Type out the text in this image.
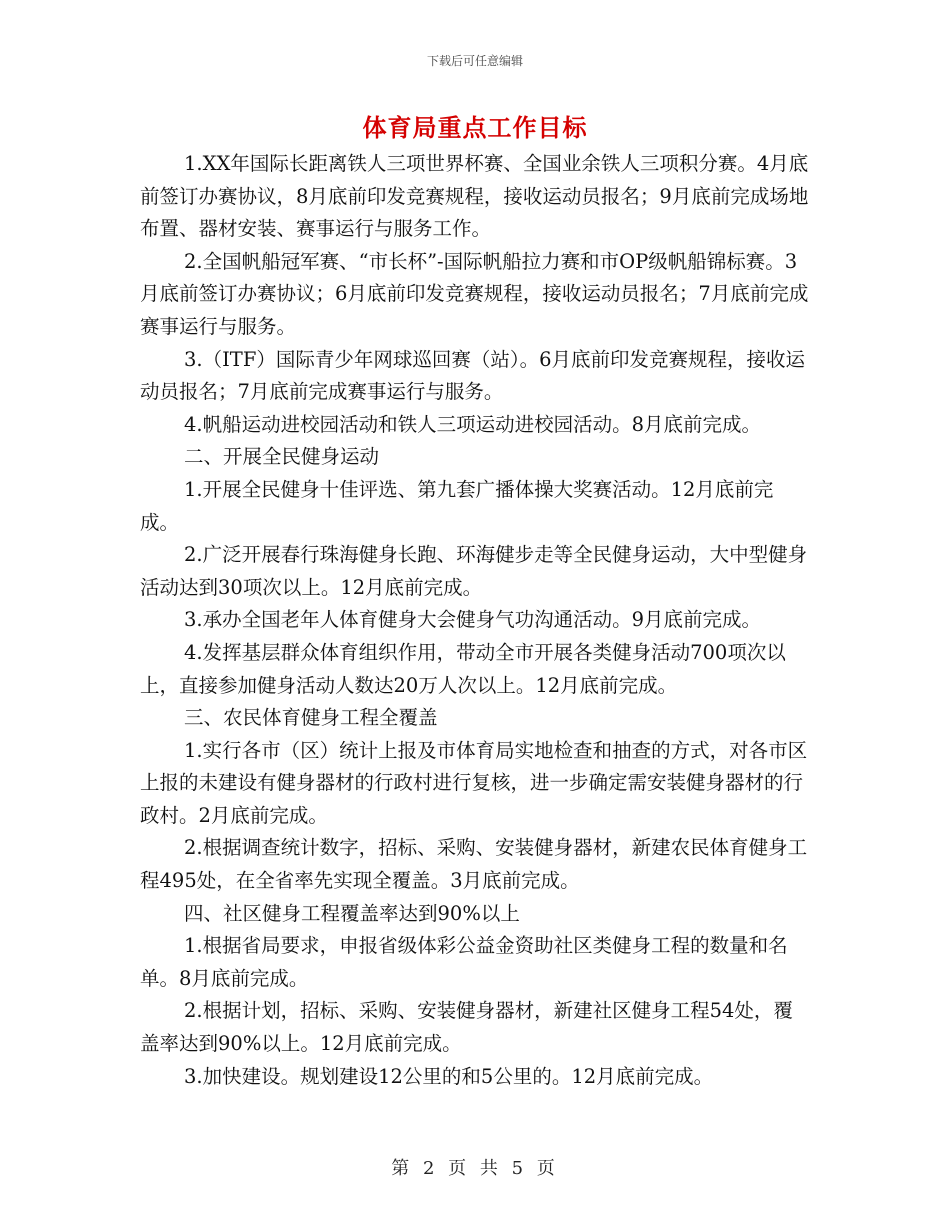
下载后可任意编辑
体育局重点工作目标

1.XX年国际长距离铁人三项世界杯赛、全国业余铁人三项积分赛。4月底前签订办赛协议，8月底前印发竞赛规程，接收运动员报名；9月底前完成场地布置、器材安装、赛事运行与服务工作。

2.全国帆船冠军赛、“市长杯”-国际帆船拉力赛和市OP级帆船锦标赛。3月底前签订办赛协议；6月底前印发竞赛规程，接收运动员报名；7月底前完成赛事运行与服务。

3.（ITF）国际青少年网球巡回赛（站）。6月底前印发竞赛规程，接收运动员报名；7月底前完成赛事运行与服务。

4.帆船运动进校园活动和铁人三项运动进校园活动。8月底前完成。

二、开展全民健身运动

1.开展全民健身十佳评选、第九套广播体操大奖赛活动。12月底前完成。

2.广泛开展春行珠海健身长跑、环海健步走等全民健身运动，大中型健身活动达到30项次以上。12月底前完成。

3.承办全国老年人体育健身大会健身气功沟通活动。9月底前完成。

4.发挥基层群众体育组织作用，带动全市开展各类健身活动700项次以上，直接参加健身活动人数达20万人次以上。12月底前完成。

三、农民体育健身工程全覆盖

1.实行各市（区）统计上报及市体育局实地检查和抽查的方式，对各市区上报的未建设有健身器材的行政村进行复核，进一步确定需安装健身器材的行政村。2月底前完成。

2.根据调查统计数字，招标、采购、安装健身器材，新建农民体育健身工程495处，在全省率先实现全覆盖。3月底前完成。

四、社区健身工程覆盖率达到90%以上

1.根据省局要求，申报省级体彩公益金资助社区类健身工程的数量和名单。8月底前完成。

2.根据计划，招标、采购、安装健身器材，新建社区健身工程54处，覆盖率达到90%以上。12月底前完成。

3.加快建设。规划建设12公里的和5公里的。12月底前完成。

第 2 页 共 5 页
